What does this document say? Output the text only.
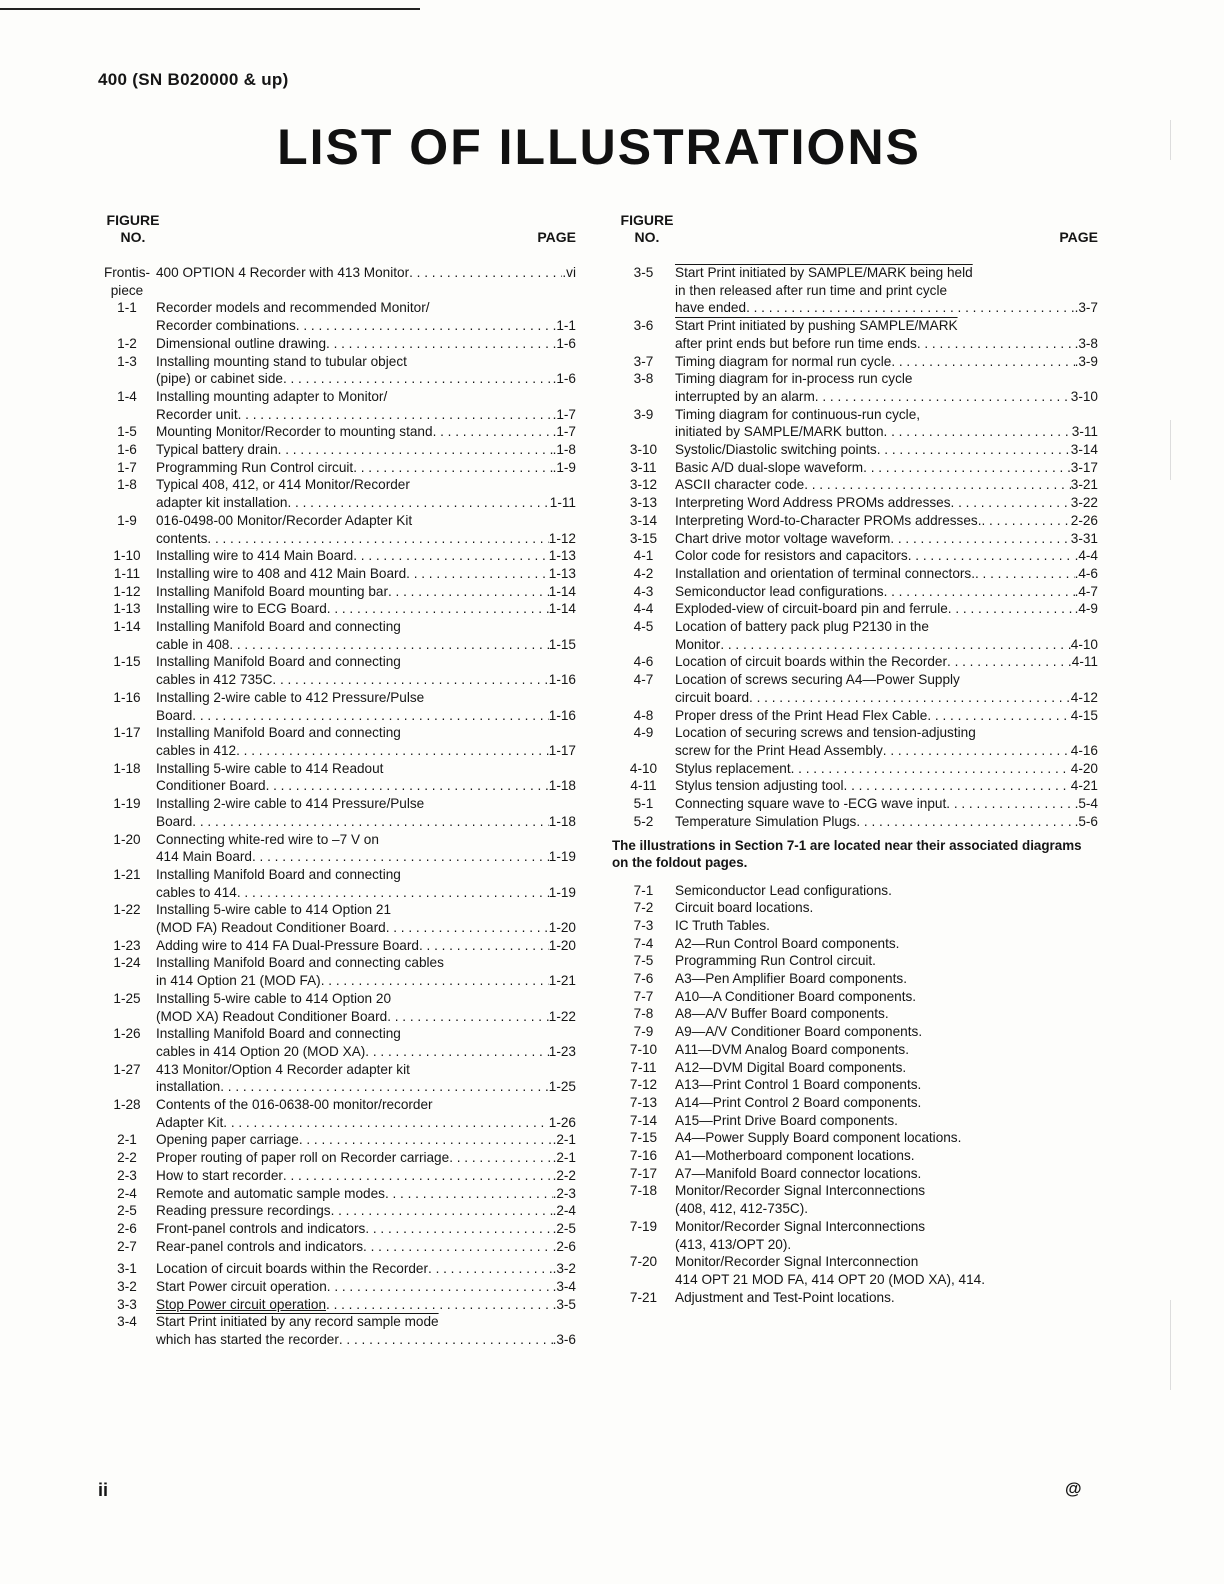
400 (SN B020000 & up)
LIST OF ILLUSTRATIONS
FIGURE
NO.	PAGE
FIGURE
NO.	PAGE
Frontis-
piece
400 OPTION 4 Recorder with 413 Monitor . . .	.vi
1-1	Recorder models and recommended Monitor/
Recorder combinations . . .	.1-1
1-2	Dimensional outline drawing . . .	.1-6
1-3	Installing mounting stand to tubular object
(pipe) or cabinet side . . .	.1-6
1-4	Installing mounting adapter to Monitor/
Recorder unit . . .	.1-7
1-5	Mounting Monitor/Recorder to mounting stand . . .	.1-7
1-6	Typical battery drain . . .	.1-8
1-7	Programming Run Control circuit . . .	.1-9
1-8	Typical 408, 412, or 414 Monitor/Recorder
adapter kit installation . . .	1-11
1-9	016-0498-00 Monitor/Recorder Adapter Kit
contents . . .	1-12
1-10	Installing wire to 414 Main Board . . .	1-13
1-11	Installing wire to 408 and 412 Main Board . . .	1-13
1-12	Installing Manifold Board mounting bar . . .	1-14
1-13	Installing wire to ECG Board . . .	1-14
1-14	Installing Manifold Board and connecting
cable in 408 . . .	1-15
1-15	Installing Manifold Board and connecting
cables in 412 735C . . .	1-16
1-16	Installing 2-wire cable to 412 Pressure/Pulse
Board . . .	1-16
1-17	Installing Manifold Board and connecting
cables in 412 . . .	1-17
1-18	Installing 5-wire cable to 414 Readout
Conditioner Board . . .	1-18
1-19	Installing 2-wire cable to 414 Pressure/Pulse
Board . . .	1-18
1-20	Connecting white-red wire to –7 V on
414 Main Board . . .	1-19
1-21	Installing Manifold Board and connecting
cables to 414 . . .	1-19
1-22	Installing 5-wire cable to 414 Option 21
(MOD FA) Readout Conditioner Board . . .	1-20
1-23	Adding wire to 414 FA Dual-Pressure Board . . .	1-20
1-24	Installing Manifold Board and connecting cables
in 414 Option 21 (MOD FA) . . .	1-21
1-25	Installing 5-wire cable to 414 Option 20
(MOD XA) Readout Conditioner Board . . .	1-22
1-26	Installing Manifold Board and connecting
cables in 414 Option 20 (MOD XA) . . .	1-23
1-27	413 Monitor/Option 4 Recorder adapter kit
installation . . .	1-25
1-28	Contents of the 016-0638-00 monitor/recorder
Adapter Kit . . .	1-26
2-1	Opening paper carriage . . .	.2-1
2-2	Proper routing of paper roll on Recorder carriage . . .	.2-1
2-3	How to start recorder . . .	.2-2
2-4	Remote and automatic sample modes . . .	.2-3
2-5	Reading pressure recordings . . .	.2-4
2-6	Front-panel controls and indicators . . .	.2-5
2-7	Rear-panel controls and indicators . . .	.2-6
3-1	Location of circuit boards within the Recorder . . .	.3-2
3-2	Start Power circuit operation . . .	.3-4
3-3	Stop Power circuit operation . . .	.3-5
3-4	Start Print initiated by any record sample mode
which has started the recorder . . .	.3-6
3-5	Start Print initiated by SAMPLE/MARK being held
in then released after run time and print cycle
have ended . . .	.3-7
3-6	Start Print initiated by pushing SAMPLE/MARK
after print ends but before run time ends . . .	.3-8
3-7	Timing diagram for normal run cycle . . .	.3-9
3-8	Timing diagram for in-process run cycle
interrupted by an alarm . . .	3-10
3-9	Timing diagram for continuous-run cycle,
initiated by SAMPLE/MARK button . . .	3-11
3-10	Systolic/Diastolic switching points . . .	3-14
3-11	Basic A/D dual-slope waveform . . .	3-17
3-12	ASCII character code . . .	3-21
3-13	Interpreting Word Address PROMs addresses . . .	3-22
3-14	Interpreting Word-to-Character PROMs addresses. . . .	2-26
3-15	Chart drive motor voltage waveform . . .	3-31
4-1	Color code for resistors and capacitors . . .	.4-4
4-2	Installation and orientation of terminal connectors. . . .	.4-6
4-3	Semiconductor lead configurations . . .	.4-7
4-4	Exploded-view of circuit-board pin and ferrule . . .	.4-9
4-5	Location of battery pack plug P2130 in the
Monitor . . .	4-10
4-6	Location of circuit boards within the Recorder . . .	4-11
4-7	Location of screws securing A4—Power Supply
circuit board . . .	4-12
4-8	Proper dress of the Print Head Flex Cable . . .	4-15
4-9	Location of securing screws and tension-adjusting
screw for the Print Head Assembly . . .	4-16
4-10	Stylus replacement . . .	4-20
4-11	Stylus tension adjusting tool . . .	4-21
5-1	Connecting square wave to -ECG wave input . . .	.5-4
5-2	Temperature Simulation Plugs . . .	.5-6
The illustrations in Section 7-1 are located near their associated diagrams on the foldout pages.
7-1	Semiconductor Lead configurations.
7-2	Circuit board locations.
7-3	IC Truth Tables.
7-4	A2—Run Control Board components.
7-5	Programming Run Control circuit.
7-6	A3—Pen Amplifier Board components.
7-7	A10—A Conditioner Board components.
7-8	A8—A/V Buffer Board components.
7-9	A9—A/V Conditioner Board components.
7-10	A11—DVM Analog Board components.
7-11	A12—DVM Digital Board components.
7-12	A13—Print Control 1 Board components.
7-13	A14—Print Control 2 Board components.
7-14	A15—Print Drive Board components.
7-15	A4—Power Supply Board component locations.
7-16	A1—Motherboard component locations.
7-17	A7—Manifold Board connector locations.
7-18	Monitor/Recorder Signal Interconnections
(408, 412, 412-735C).
7-19	Monitor/Recorder Signal Interconnections
(413, 413/OPT 20).
7-20	Monitor/Recorder Signal Interconnection
414 OPT 21 MOD FA, 414 OPT 20 (MOD XA), 414.
7-21	Adjustment and Test-Point locations.
ii	@
